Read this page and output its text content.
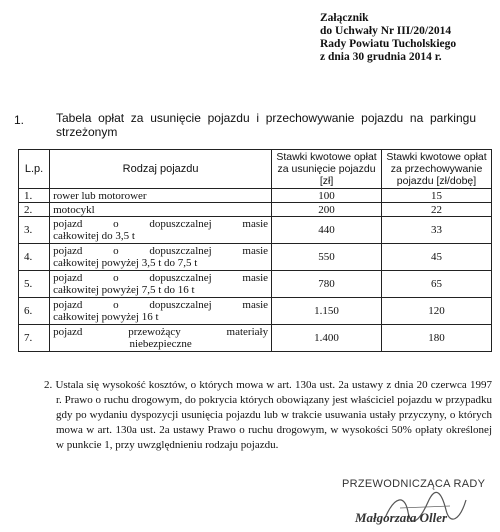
Załącznik
do Uchwały Nr III/20/2014
Rady Powiatu Tucholskiego
z dnia 30 grudnia 2014 r.
1.	Tabela opłat za usunięcie pojazdu i przechowywanie pojazdu na parkingu
strzeżonym
L.p.	Rodzaj pojazdu	Stawki kwotowe opłat za usunięcie pojazdu [zł]	Stawki kwotowe opłat za przechowywanie pojazdu [zł/dobę]
1.	rower lub motorower	100	15
2.	motocykl	200	22
3.	pojazd o dopuszczalnej masie
całkowitej do 3,5 t	440	33
4.	pojazd o dopuszczalnej masie
całkowitej powyżej 3,5 t do 7,5 t	550	45
5.	pojazd o dopuszczalnej masie
całkowitej powyżej 7,5 t do 16 t	780	65
6.	pojazd o dopuszczalnej masie
całkowitej powyżej 16 t	1.150	120
7.	pojazd przewożący materiały
niebezpieczne	1.400	180
2. Ustala się wysokość kosztów, o których mowa w art. 130a ust. 2a ustawy z dnia 20 czerwca 1997 r. Prawo o ruchu drogowym, do pokrycia których obowiązany jest właściciel pojazdu w przypadku gdy po wydaniu dyspozycji usunięcia pojazdu lub w trakcie usuwania ustały przyczyny, o których mowa w art. 130a ust. 2a ustawy Prawo o ruchu drogowym, w wysokości 50% opłaty określonej w punkcie 1, przy uwzględnieniu rodzaju pojazdu.
PRZEWODNICZĄCA RADY
Małgorzata Oller
